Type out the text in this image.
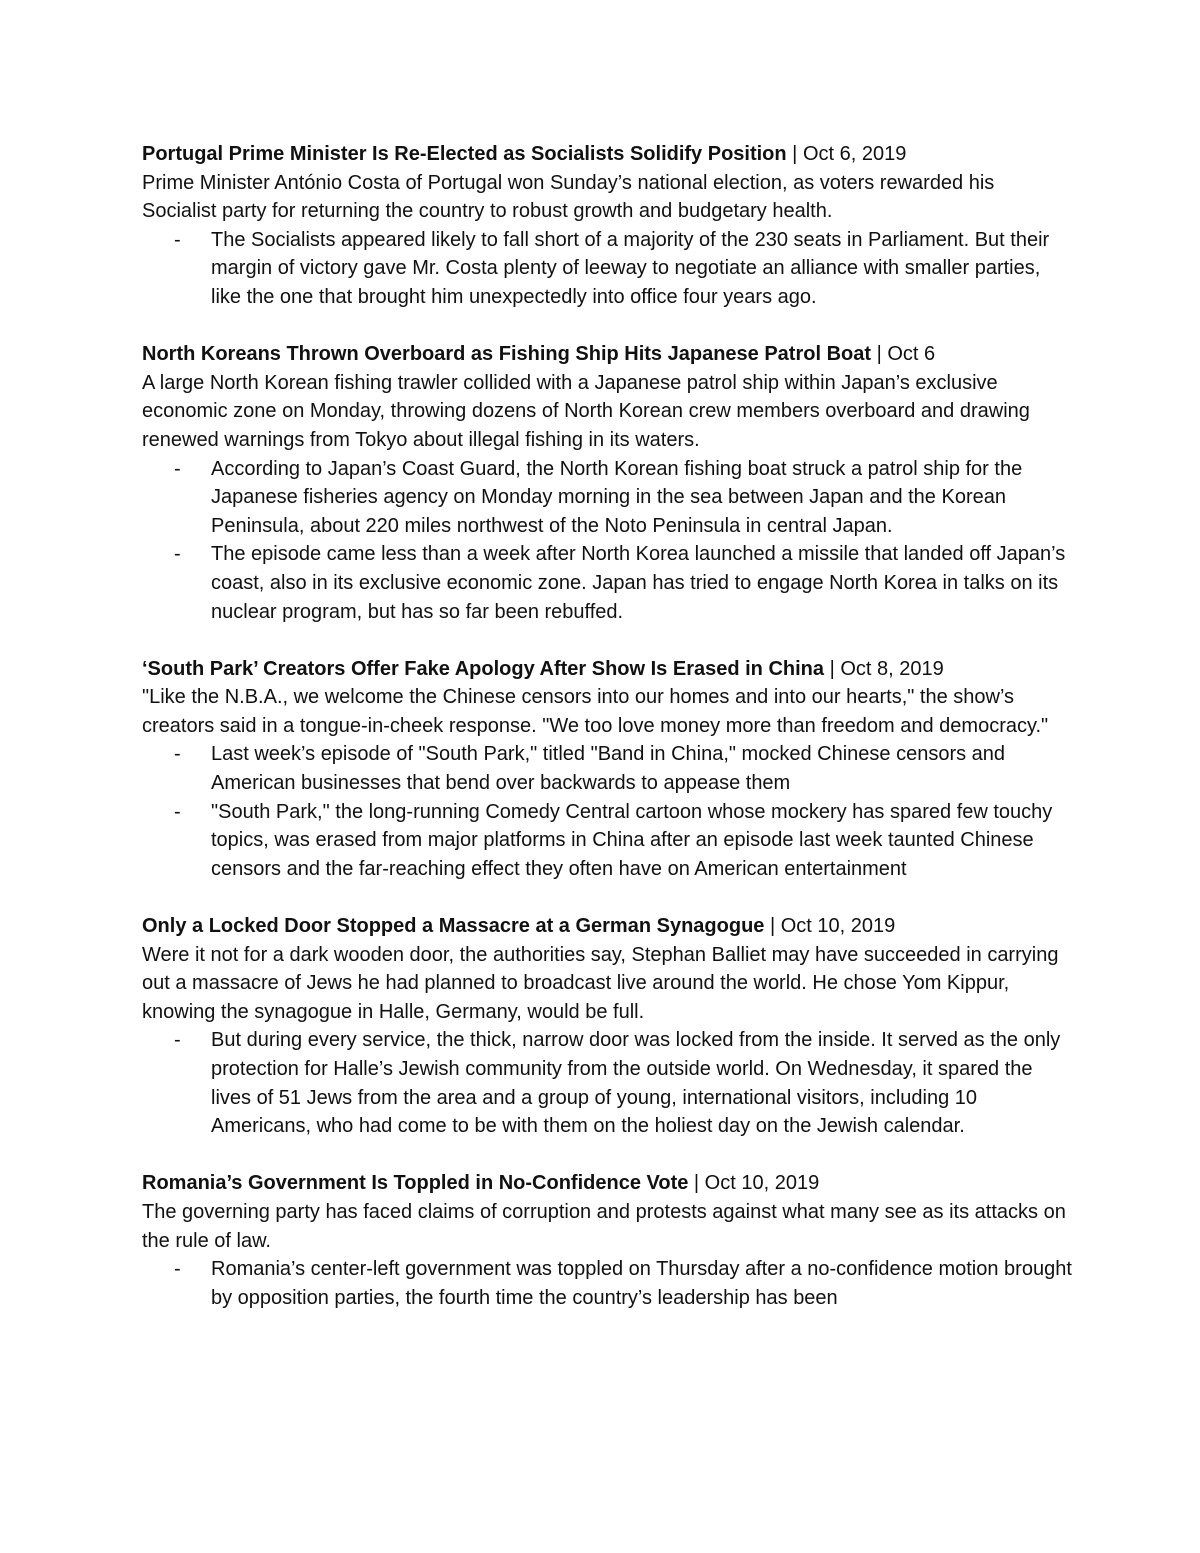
Portugal Prime Minister Is Re-Elected as Socialists Solidify Position | Oct 6, 2019

Prime Minister António Costa of Portugal won Sunday’s national election, as voters rewarded his Socialist party for returning the country to robust growth and budgetary health.

- The Socialists appeared likely to fall short of a majority of the 230 seats in Parliament. But their margin of victory gave Mr. Costa plenty of leeway to negotiate an alliance with smaller parties, like the one that brought him unexpectedly into office four years ago.

North Koreans Thrown Overboard as Fishing Ship Hits Japanese Patrol Boat | Oct 6

A large North Korean fishing trawler collided with a Japanese patrol ship within Japan’s exclusive economic zone on Monday, throwing dozens of North Korean crew members overboard and drawing renewed warnings from Tokyo about illegal fishing in its waters.

- According to Japan’s Coast Guard, the North Korean fishing boat struck a patrol ship for the Japanese fisheries agency on Monday morning in the sea between Japan and the Korean Peninsula, about 220 miles northwest of the Noto Peninsula in central Japan.
- The episode came less than a week after North Korea launched a missile that landed off Japan’s coast, also in its exclusive economic zone. Japan has tried to engage North Korea in talks on its nuclear program, but has so far been rebuffed.

‘South Park’ Creators Offer Fake Apology After Show Is Erased in China | Oct 8, 2019

"Like the N.B.A., we welcome the Chinese censors into our homes and into our hearts," the show’s creators said in a tongue-in-cheek response. "We too love money more than freedom and democracy."

- Last week’s episode of "South Park," titled "Band in China," mocked Chinese censors and American businesses that bend over backwards to appease them
- "South Park," the long-running Comedy Central cartoon whose mockery has spared few touchy topics, was erased from major platforms in China after an episode last week taunted Chinese censors and the far-reaching effect they often have on American entertainment

Only a Locked Door Stopped a Massacre at a German Synagogue | Oct 10, 2019

Were it not for a dark wooden door, the authorities say, Stephan Balliet may have succeeded in carrying out a massacre of Jews he had planned to broadcast live around the world. He chose Yom Kippur, knowing the synagogue in Halle, Germany, would be full.

- But during every service, the thick, narrow door was locked from the inside. It served as the only protection for Halle’s Jewish community from the outside world. On Wednesday, it spared the lives of 51 Jews from the area and a group of young, international visitors, including 10 Americans, who had come to be with them on the holiest day on the Jewish calendar.

Romania’s Government Is Toppled in No-Confidence Vote | Oct 10, 2019

The governing party has faced claims of corruption and protests against what many see as its attacks on the rule of law.

- Romania’s center-left government was toppled on Thursday after a no-confidence motion brought by opposition parties, the fourth time the country’s leadership has been
